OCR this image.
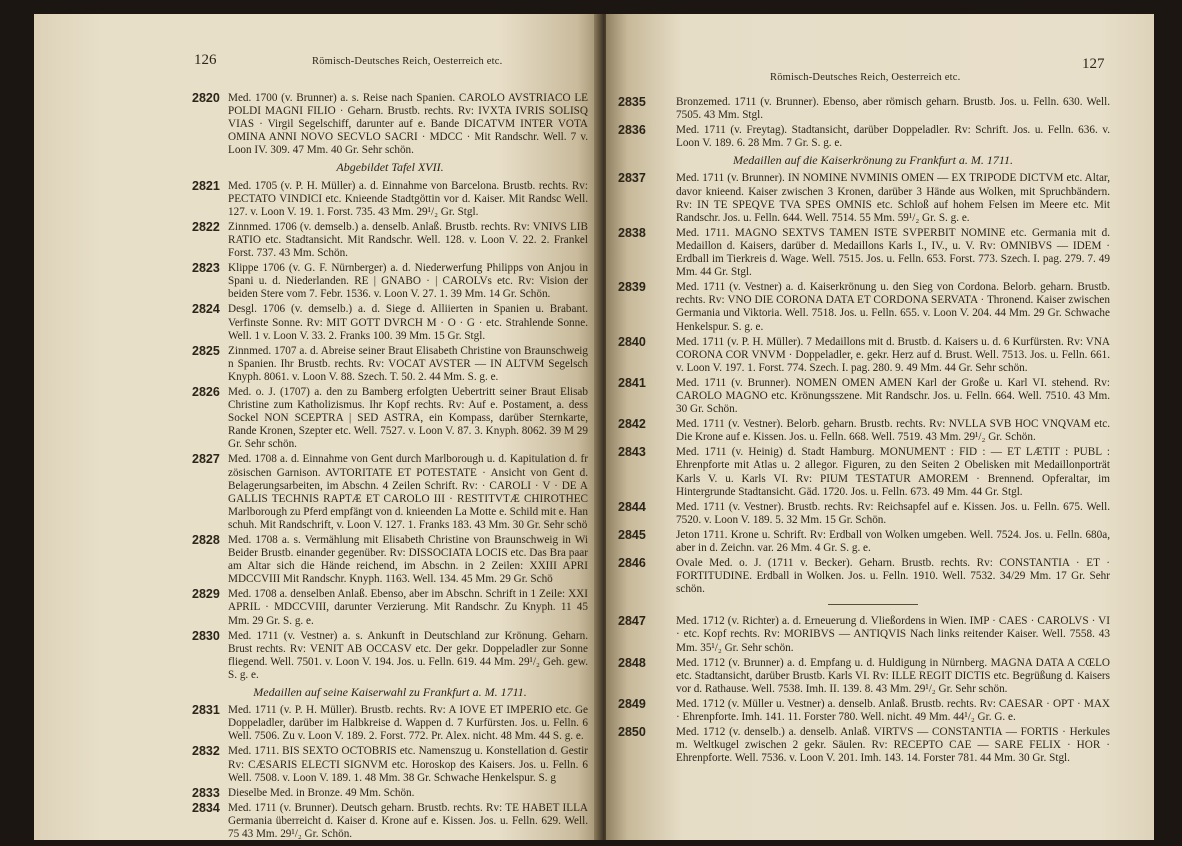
126	Römisch-Deutsches Reich, Oesterreich etc.
2820 Med. 1700 (v. Brunner) a. s. Reise nach Spanien. CAROLO AVSTRIACO LE POLDI MAGNI FILIO · Geharn. Brustb. rechts. Rv: IVXTA IVRIS SOLISQ VIAS · Virgil Segelschiff, darunter auf e. Bande DICATVM INTER VOTA OMINA ANNI NOVO SECVLO SACRI · MDCC · Mit Randschr. Well. 7 v. Loon IV. 309. 47 Mm. 40 Gr. Sehr schön.
Abgebildet Tafel XVII.
2821 Med. 1705 (v. P. H. Müller) a. d. Einnahme von Barcelona. Brustb. rechts. Rv: PECTATO VINDICI etc. Knieende Stadtgöttin vor d. Kaiser. Mit Randsc Well. 127. v. Loon V. 19. 1. Forst. 735. 43 Mm. 29¹/₂ Gr. Stgl.
2822 Zinnmed. 1706 (v. demselb.) a. denselb. Anlaß. Brustb. rechts. Rv: VNIVS LIB RATIO etc. Stadtansicht. Mit Randschr. Well. 128. v. Loon V. 22. 2. Frankel Forst. 737. 43 Mm. Schön.
2823 Klippe 1706 (v. G. F. Nürnberger) a. d. Niederwerfung Philipps von Anjou in Spani u. d. Niederlanden. RE | GNABO · | CAROLVs etc. Rv: Vision der beiden Stere vom 7. Febr. 1536. v. Loon V. 27. 1. 39 Mm. 14 Gr. Schön.
2824 Desgl. 1706 (v. demselb.) a. d. Siege d. Alliierten in Spanien u. Brabant. Verfinste Sonne. Rv: MIT GOTT DVRCH M · O · G · etc. Strahlende Sonne. Well. 1 v. Loon V. 33. 2. Franks 100. 39 Mm. 15 Gr. Stgl.
2825 Zinnmed. 1707 a. d. Abreise seiner Braut Elisabeth Christine von Braunschweig n Spanien. Ihr Brustb. rechts. Rv: VOCAT AVSTER — IN ALTVM Segelsch Knyph. 8061. v. Loon V. 88. Szech. T. 50. 2. 44 Mm. S. g. e.
2826 Med. o. J. (1707) a. den zu Bamberg erfolgten Uebertritt seiner Braut Elisab Christine zum Katholizismus. Ihr Kopf rechts. Rv: Auf e. Postament, a. dess Sockel NON SCEPTRA | SED ASTRA, ein Kompass, darüber Sternkarte, Rande Kronen, Szepter etc. Well. 7527. v. Loon V. 87. 3. Knyph. 8062. 39 M 29 Gr. Sehr schön.
2827 Med. 1708 a. d. Einnahme von Gent durch Marlborough u. d. Kapitulation d. fr zösischen Garnison. AVTORITATE ET POTESTATE · Ansicht von Gent d. Belagerungsarbeiten, im Abschn. 4 Zeilen Schrift. Rv: · CAROLI · V · DE A GALLIS TECHNIS RAPTÆ ET CAROLO III · RESTITVTÆ CHIROTHEC Marlborough zu Pferd empfängt von d. knieenden La Motte e. Schild mit e. Han schuh. Mit Randschrift, v. Loon V. 127. 1. Franks 183. 43 Mm. 30 Gr. Sehr schö
2828 Med. 1708 a. s. Vermählung mit Elisabeth Christine von Braunschweig in Wi Beider Brustb. einander gegenüber. Rv: DISSOCIATA LOCIS etc. Das Bra paar am Altar sich die Hände reichend, im Abschn. in 2 Zeilen: XXIII APRI MDCCVIII Mit Randschr. Knyph. 1163. Well. 134. 45 Mm. 29 Gr. Schö
2829 Med. 1708 a. denselben Anlaß. Ebenso, aber im Abschn. Schrift in 1 Zeile: XXI APRIL · MDCCVIII, darunter Verzierung. Mit Randschr. Zu Knyph. 11 45 Mm. 29 Gr. S. g. e.
2830 Med. 1711 (v. Vestner) a. s. Ankunft in Deutschland zur Krönung. Geharn. Brust rechts. Rv: VENIT AB OCCASV etc. Der gekr. Doppeladler zur Sonne fliegend. Well. 7501. v. Loon V. 194. Jos. u. Felln. 619. 44 Mm. 29¹/₂ Geh. gew. S. g. e.
Medaillen auf seine Kaiserwahl zu Frankfurt a. M. 1711.
2831 Med. 1711 (v. P. H. Müller). Brustb. rechts. Rv: A IOVE ET IMPERIO etc. Ge Doppeladler, darüber im Halbkreise d. Wappen d. 7 Kurfürsten. Jos. u. Felln. 6 Well. 7506. Zu v. Loon V. 189. 2. Forst. 772. Pr. Alex. nicht. 48 Mm. 44 S. g. e.
2832 Med. 1711. BIS SEXTO OCTOBRIS etc. Namenszug u. Konstellation d. Gestir Rv: CÆSARIS ELECTI SIGNVM etc. Horoskop des Kaisers. Jos. u. Felln. 6 Well. 7508. v. Loon V. 189. 1. 48 Mm. 38 Gr. Schwache Henkelspur. S. g
2833 Dieselbe Med. in Bronze. 49 Mm. Schön.
2834 Med. 1711 (v. Brunner). Deutsch geharn. Brustb. rechts. Rv: TE HABET ILLA Germania überreicht d. Kaiser d. Krone auf e. Kissen. Jos. u. Felln. 629. Well. 75 43 Mm. 29¹/₂ Gr. Schön.
Römisch-Deutsches Reich, Oesterreich etc.
127
2835	Bronzemed. 1711 (v. Brunner). Ebenso, aber römisch geharn. Brustb. Jos. u. Felln. 630. Well. 7505. 43 Mm. Stgl.
2836	Med. 1711 (v. Freytag). Stadtansicht, darüber Doppeladler. Rv: Schrift. Jos. u. Felln. 636. v. Loon V. 189. 6. 28 Mm. 7 Gr. S. g. e.
Medaillen auf die Kaiserkrönung zu Frankfurt a. M. 1711.
2837	Med. 1711 (v. Brunner). IN NOMINE NVMINIS OMEN — EX TRIPODE DICTVM etc. Altar, davor knieend. Kaiser zwischen 3 Kronen, darüber 3 Hände aus Wolken, mit Spruchbändern. Rv: IN TE SPEQVE TVA SPES OMNIS etc. Schloß auf hohem Felsen im Meere etc. Mit Randschr. Jos. u. Felln. 644. Well. 7514. 55 Mm. 59¹/₂ Gr. S. g. e.
2838	Med. 1711. MAGNO SEXTVS TAMEN ISTE SVPERBIT NOMINE etc. Germania mit d. Medaillon d. Kaisers, darüber d. Medaillons Karls I., IV., u. V. Rv: OMNIBVS — IDEM · Erdball im Tierkreis d. Wage. Well. 7515. Jos. u. Felln. 653. Forst. 773. Szech. I. pag. 279. 7. 49 Mm. 44 Gr. Stgl.
2839	Med. 1711 (v. Vestner) a. d. Kaiserkrönung u. den Sieg von Cordona. Belorb. geharn. Brustb. rechts. Rv: VNO DIE CORONA DATA ET CORDONA SERVATA · Thronend. Kaiser zwischen Germania und Viktoria. Well. 7518. Jos. u. Felln. 655. v. Loon V. 204. 44 Mm. 29 Gr. Schwache Henkelspur. S. g. e.
2840	Med. 1711 (v. P. H. Müller). 7 Medaillons mit d. Brustb. d. Kaisers u. d. 6 Kurfürsten. Rv: VNA CORONA COR VNVM · Doppeladler, e. gekr. Herz auf d. Brust. Well. 7513. Jos. u. Felln. 661. v. Loon V. 197. 1. Forst. 774. Szech. I. pag. 280. 9. 49 Mm. 44 Gr. Sehr schön.
2841	Med. 1711 (v. Brunner). NOMEN OMEN AMEN Karl der Große u. Karl VI. stehend. Rv: CAROLO MAGNO etc. Krönungsszene. Mit Randschr. Jos. u. Felln. 664. Well. 7510. 43 Mm. 30 Gr. Schön.
2842	Med. 1711 (v. Vestner). Belorb. geharn. Brustb. rechts. Rv: NVLLA SVB HOC VNQVAM etc. Die Krone auf e. Kissen. Jos. u. Felln. 668. Well. 7519. 43 Mm. 29¹/₂ Gr. Schön.
2843	Med. 1711 (v. Heinig) d. Stadt Hamburg. MONUMENT : FID : — ET LÆTIT : PUBL : Ehrenpforte mit Atlas u. 2 allegor. Figuren, zu den Seiten 2 Obelisken mit Medaillonporträt Karls V. u. Karls VI. Rv: PIUM TESTATUR AMOREM · Brennend. Opferaltar, im Hintergrunde Stadtansicht. Gäd. 1720. Jos. u. Felln. 673. 49 Mm. 44 Gr. Stgl.
2844	Med. 1711 (v. Vestner). Brustb. rechts. Rv: Reichsapfel auf e. Kissen. Jos. u. Felln. 675. Well. 7520. v. Loon V. 189. 5. 32 Mm. 15 Gr. Schön.
2845	Jeton 1711. Krone u. Schrift. Rv: Erdball von Wolken umgeben. Well. 7524. Jos. u. Felln. 680a, aber in d. Zeichn. var. 26 Mm. 4 Gr. S. g. e.
2846	Ovale Med. o. J. (1711 v. Becker). Geharn. Brustb. rechts. Rv: CONSTANTIA · ET · FORTITUDINE. Erdball in Wolken. Jos. u. Felln. 1910. Well. 7532. 34/29 Mm. 17 Gr. Sehr schön.
2847	Med. 1712 (v. Richter) a. d. Erneuerung d. Vließordens in Wien. IMP · CAES · CAROLVS · VI · etc. Kopf rechts. Rv: MORIBVS — ANTIQVIS Nach links reitender Kaiser. Well. 7558. 43 Mm. 35¹/₂ Gr. Sehr schön.
2848	Med. 1712 (v. Brunner) a. d. Empfang u. d. Huldigung in Nürnberg. MAGNA DATA A CŒLO etc. Stadtansicht, darüber Brustb. Karls VI. Rv: ILLE REGIT DICTIS etc. Begrüßung d. Kaisers vor d. Rathause. Well. 7538. Imh. II. 139. 8. 43 Mm. 29¹/₂ Gr. Sehr schön.
2849	Med. 1712 (v. Müller u. Vestner) a. denselb. Anlaß. Brustb. rechts. Rv: CAESAR · OPT · MAX · Ehrenpforte. Imh. 141. 11. Forster 780. Well. nicht. 49 Mm. 44¹/₂ Gr. G. e.
2850	Med. 1712 (v. denselb.) a. denselb. Anlaß. VIRTVS — CONSTANTIA — FORTIS · Herkules m. Weltkugel zwischen 2 gekr. Säulen. Rv: RECEPTO CAE — SARE FELIX · HOR · Ehrenpforte. Well. 7536. v. Loon V. 201. Imh. 143. 14. Forster 781. 44 Mm. 30 Gr. Stgl.
